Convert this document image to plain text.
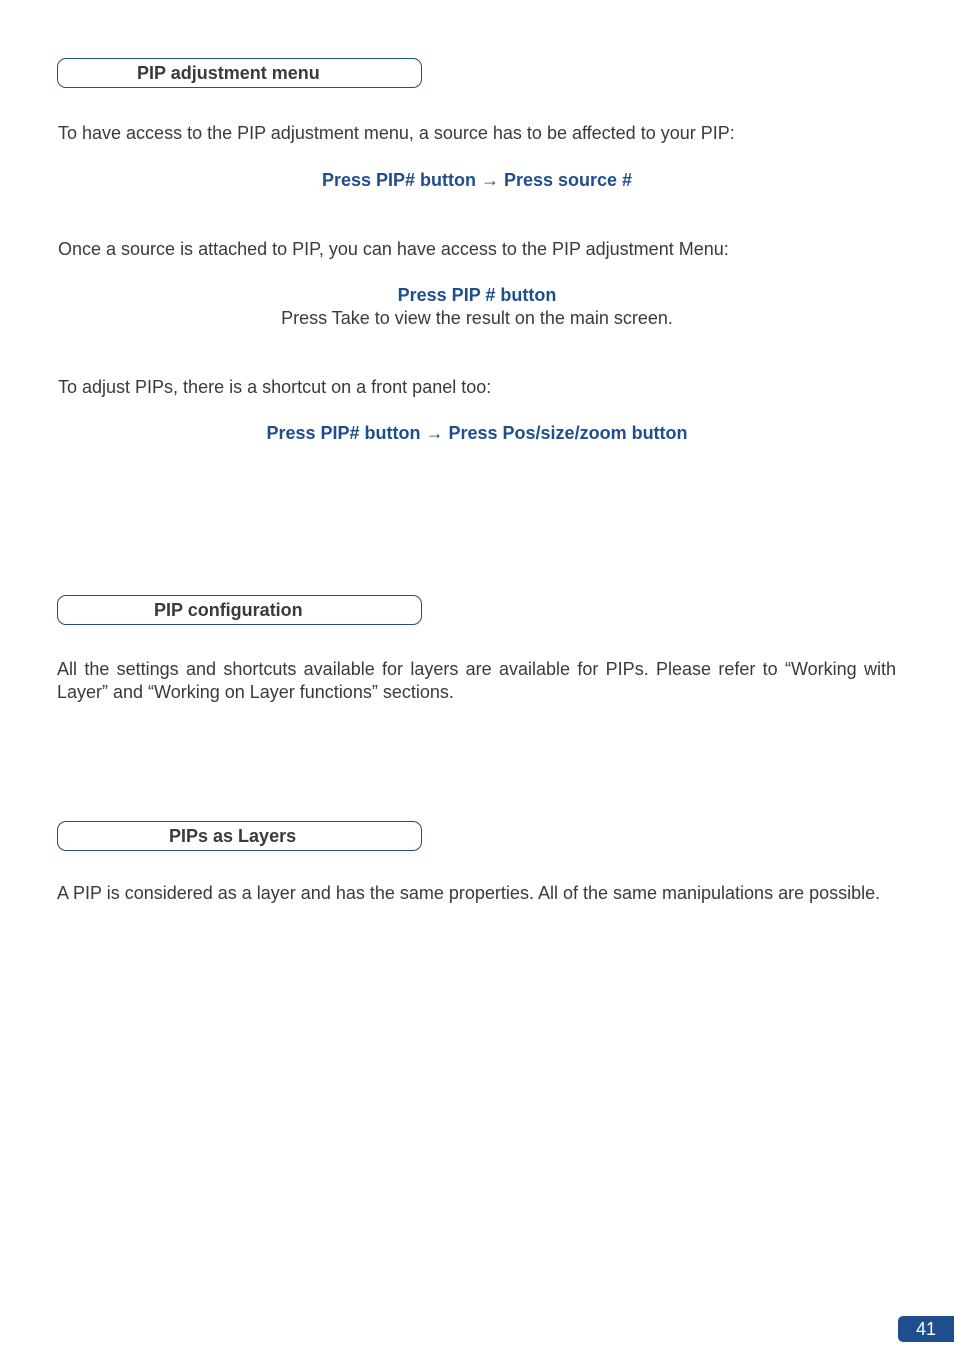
PIP adjustment menu
To have access to the PIP adjustment menu, a source has to be affected to your PIP:
Press PIP# button → Press source #
Once a source is attached to PIP, you can have access to the PIP adjustment Menu:
Press PIP # button
Press Take to view the result on the main screen.
To adjust PIPs, there is a shortcut on a front panel too:
Press PIP# button → Press Pos/size/zoom button
PIP configuration
All the settings and shortcuts available for layers are available for PIPs. Please refer to “Working with Layer” and “Working on Layer functions” sections.
PIPs as Layers
A PIP is considered as a layer and has the same properties. All of the same manipulations are possible.
41
